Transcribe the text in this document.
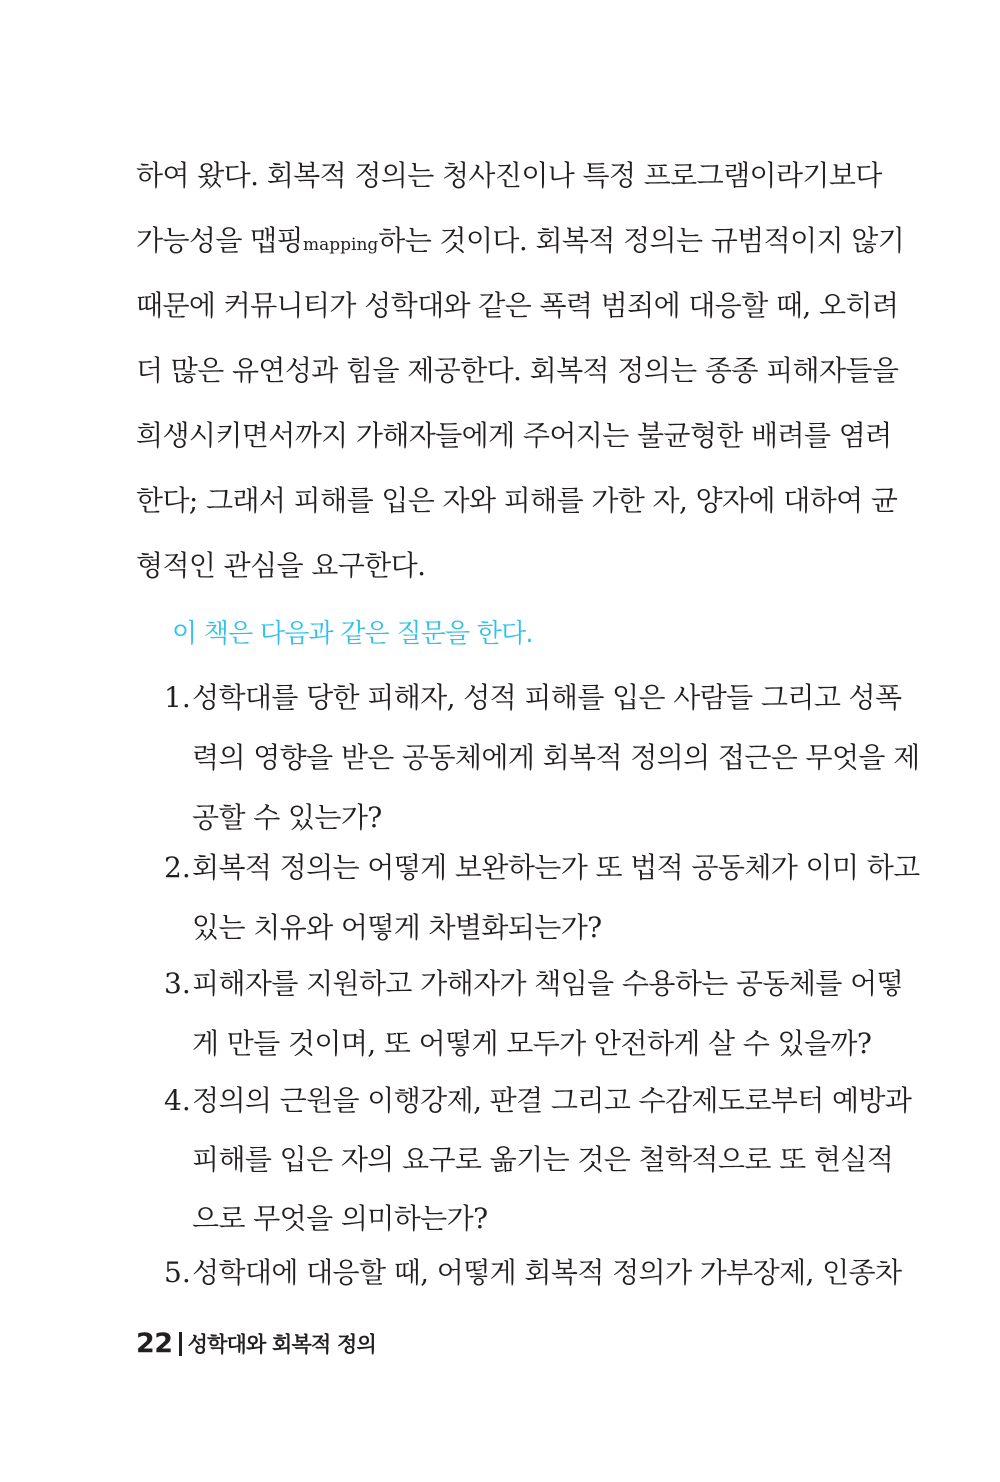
하여 왔다. 회복적 정의는 청사진이나 특정 프로그램이라기보다
가능성을 맵핑mapping하는 것이다. 회복적 정의는 규범적이지 않기
때문에 커뮤니티가 성학대와 같은 폭력 범죄에 대응할 때, 오히려
더 많은 유연성과 힘을 제공한다. 회복적 정의는 종종 피해자들을
희생시키면서까지 가해자들에게 주어지는 불균형한 배려를 염려
한다; 그래서 피해를 입은 자와 피해를 가한 자, 양자에 대하여 균
형적인 관심을 요구한다.
이 책은 다음과 같은 질문을 한다.
1. 성학대를 당한 피해자, 성적 피해를 입은 사람들 그리고 성폭
력의 영향을 받은 공동체에게 회복적 정의의 접근은 무엇을 제
공할 수 있는가?
2. 회복적 정의는 어떻게 보완하는가 또 법적 공동체가 이미 하고
있는 치유와 어떻게 차별화되는가?
3. 피해자를 지원하고 가해자가 책임을 수용하는 공동체를 어떻
게 만들 것이며, 또 어떻게 모두가 안전하게 살 수 있을까?
4. 정의의 근원을 이행강제, 판결 그리고 수감제도로부터 예방과
피해를 입은 자의 요구로 옮기는 것은 철학적으로 또 현실적
으로 무엇을 의미하는가?
5. 성학대에 대응할 때, 어떻게 회복적 정의가 가부장제, 인종차
22 성학대와 회복적 정의
